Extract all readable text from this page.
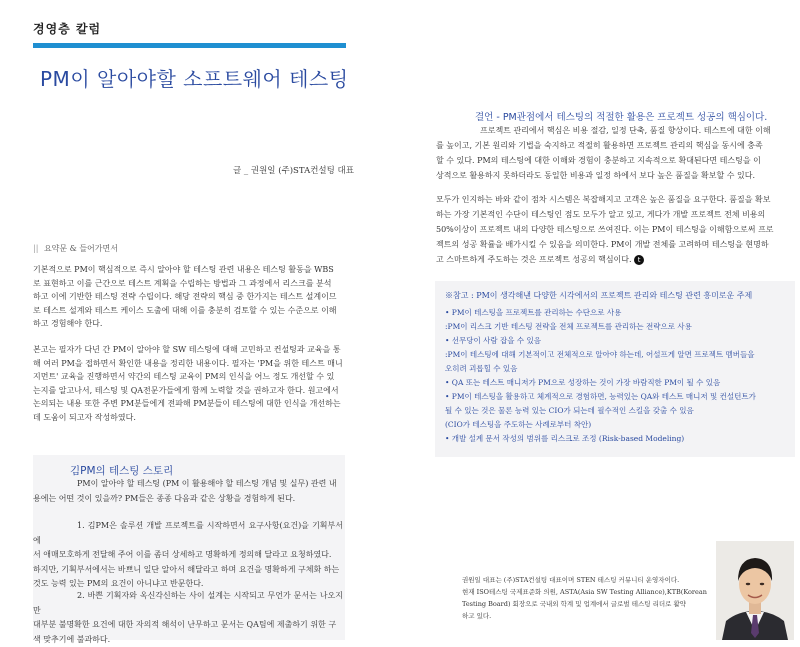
경영층 칼럼
PM이 알아야할 소프트웨어 테스팅
글 _ 권원일 (주)STA컨설팅 대표
|| 요약문 & 들어가면서

기본적으로 PM이 핵심적으로 즉시 알아야 할 테스팅 관련 내용은 테스팅 활동을 WBS
로 표현하고 이를 근간으로 테스트 계획을 수립하는 방법과 그 과정에서 리스크를 분석
하고 이에 기반한 테스팅 전략 수립이다. 해당 전략의 핵심 중 한가지는 테스트 설계이므
로 테스트 설계와 테스트 케이스 도출에 대해 이를 충분히 검토할 수 있는 수준으로 이해
하고 경험해야 한다.

본고는 필자가 다년 간 PM이 알아야 할 SW 테스팅에 대해 고민하고 컨설팅과 교육을 통
해 여러 PM을 접하면서 확인한 내용을 정리한 내용이다. 필자는 'PM을 위한 테스트 매니
지먼트' 교육을 진행하면서 약간의 테스팅 교육이 PM의 인식을 어느 정도 개선할 수 있
는지를 알고나서, 테스팅 및 QA전문가들에게 함께 노력할 것을 권하고자 한다. 원고에서
논의되는 내용 또한 주변 PM분들에게 전파해 PM분들이 테스팅에 대한 인식을 개선하는
데 도움이 되고자 작성하였다.

김PM의 테스팅 스토리

PM이 알아야 할 테스팅 (PM 이 활용해야 할 테스팅 개념 및 실무) 관련 내
용에는 어떤 것이 있을까? PM들은 종종 다음과 같은 상황을 경험하게 된다.

1. 김PM은 솔루션 개발 프로젝트를 시작하면서 요구사항(요건)을 기획부서에
서 애매모호하게 전달해 주어 이를 좀더 상세하고 명확하게 정의해 달라고 요청하였다.
하지만, 기획부서에서는 바쁘니 일단 알아서 해달라고 하며 요건을 명확하게 구체화 하는
것도 능력 있는 PM의 요건이 아니냐고 반문한다.

2. 바쁜 기획자와 옥신각신하는 사이 설계는 시작되고 무언가 문서는 나오지만
대부분 불명확한 요건에 대한 자의적 해석이 난무하고 문서는 QA팀에 제출하기 위한 구
색 맞추기에 불과하다.

결언 - PM관점에서 테스팅의 적절한 활용은 프로젝트 성공의 핵심이다.

프로젝트 관리에서 핵심은 비용 절감, 일정 단축, 품질 향상이다. 테스트에 대한 이해
를 높이고, 기본 원리와 기법을 숙지하고 적절히 활용하면 프로젝트 관리의 핵심을 동시에 충족
할 수 있다. PM의 테스팅에 대한 이해와 경험이 충분하고 지속적으로 확대된다면 테스팅을 이
상적으로 활용하지 못하더라도 동일한 비용과 일정 하에서 보다 높은 품질을 확보할 수 있다.

모두가 인지하는 바와 같이 점차 시스템은 복잡해지고 고객은 높은 품질을 요구한다. 품질을 확보
하는 가장 기본적인 수단이 테스팅인 점도 모두가 알고 있고, 게다가 개발 프로젝트 전체 비용의
50%이상이 프로젝트 내의 다양한 테스팅으로 쓰여진다. 이는 PM이 테스팅을 이해함으로써 프로
젝트의 성공 확률을 배가시킬 수 있음을 의미한다. PM이 개발 전체를 고려하며 테스팅을 현명하
고 스마트하게 주도하는 것은 프로젝트 성공의 핵심이다. t

※참고 : PM이 생각해낸 다양한 시각에서의 프로젝트 관리와 테스팅 관련 흥미로운 주제
• PM이 테스팅을 프로젝트를 관리하는 수단으로 사용
:PM이 리스크 기반 테스팅 전략을 전체 프로젝트를 관리하는 전략으로 사용
• 선무당이 사람 잡을 수 있음
:PM이 테스팅에 대해 기본적이고 전체적으로 알아야 하는데, 어설프게 알면 프로젝트 멤버들을
오히려 괴롭힐 수 있음
• QA 또는 테스트 매니저가 PM으로 성장하는 것이 가장 바람직한 PM이 될 수 있음
• PM이 테스팅을 활용하고 체계적으로 경험하면, 능력있는 QA와 테스트 매니저 및 컨설턴트가
될 수 있는 것은 물론 능력 있는 CIO가 되는데 필수적인 스킬을 갖출 수 있음
(CIO가 테스팅을 주도하는 사례로부터 착안)
• 개발 설계 문서 작성의 범위를 리스크로 조정 (Risk-based Modeling)
권원일 대표는 (주)STA컨설팅 대표이며 STEN 테스팅 커뮤니티 운영자이다.
현재 ISO테스팅 국제표준화 의원, ASTA(Asia SW Testing Alliance),KTB(Korean
Testing Board) 회장으로 국내외 학계 및 업계에서 글로벌 테스팅 리더로 활약
하고 있다.
